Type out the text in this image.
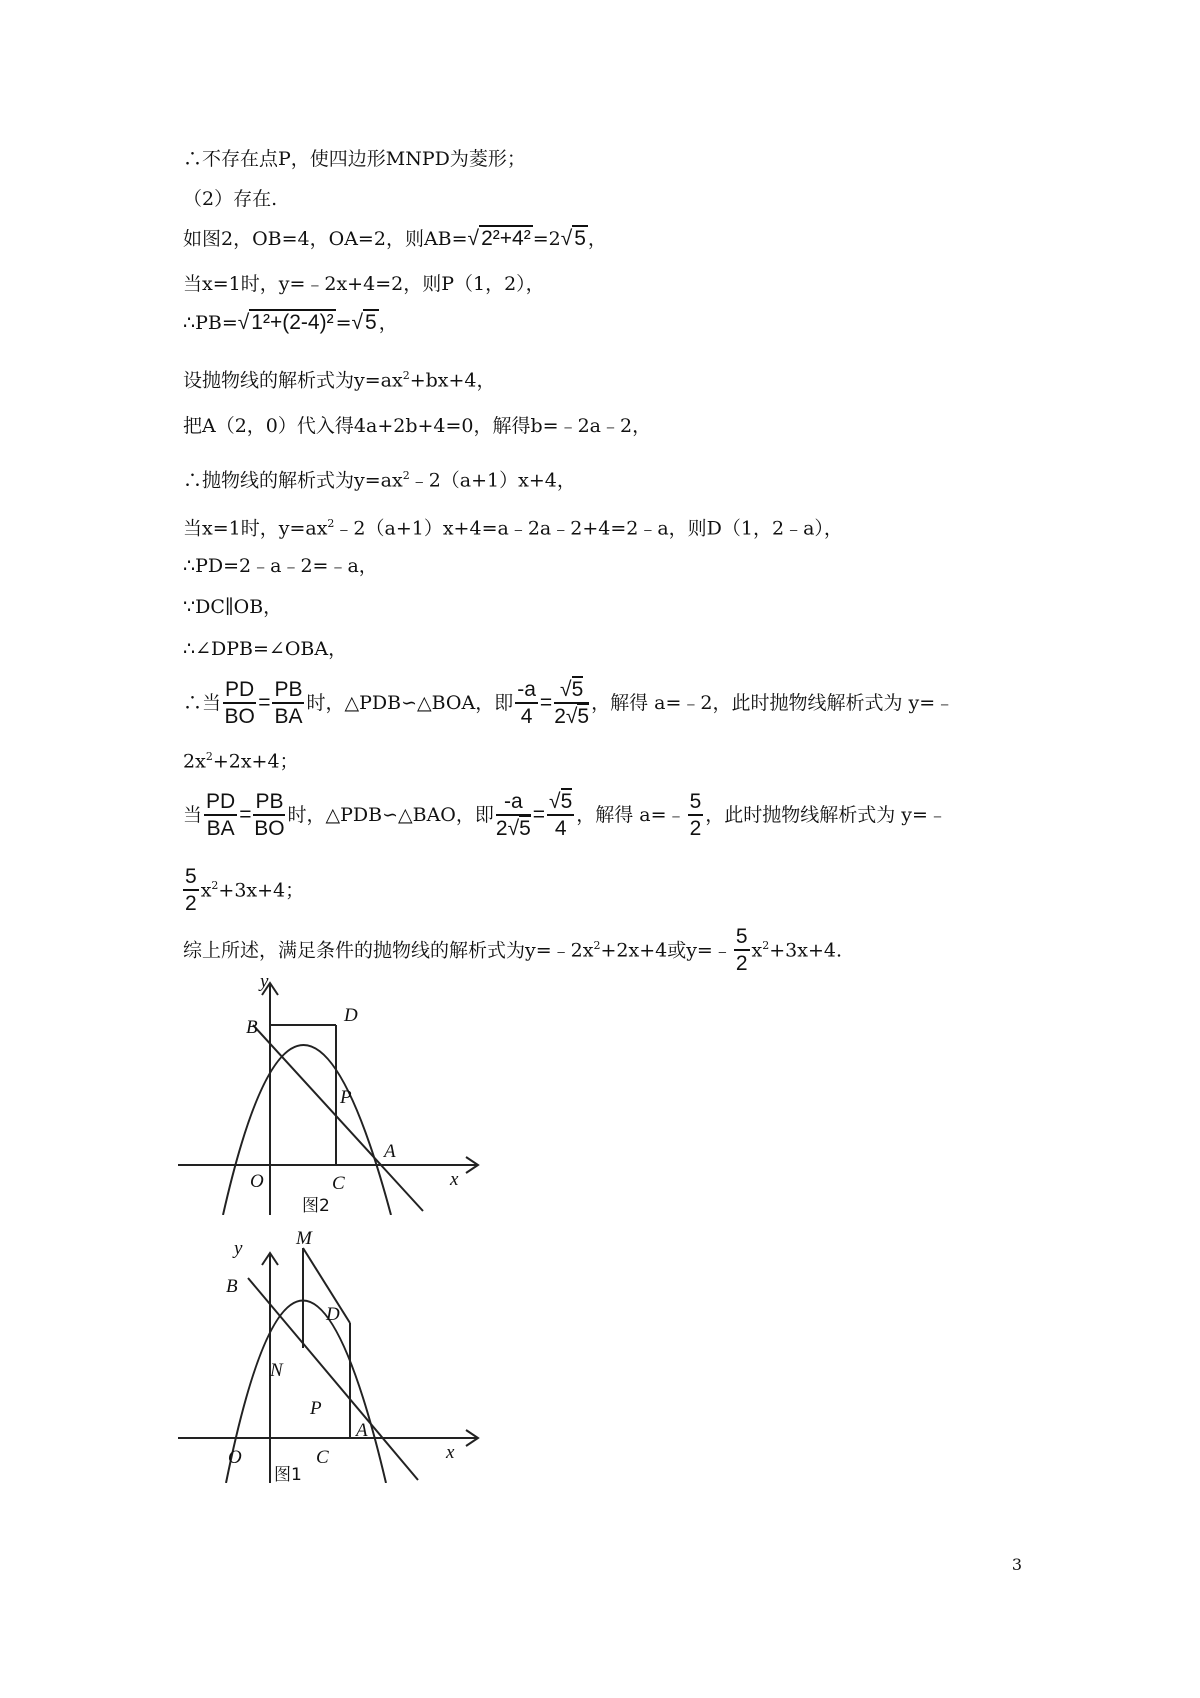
∴不存在点P，使四边形MNPD为菱形；
（2）存在.
如图2，OB=4，OA=2，则AB=√2²+4² =2√5 ，
当x=1时，y=﹣2x+4=2，则P（1，2），
∴PB=√1²+(2-4)² =√5 ，
设抛物线的解析式为$y=ax^2+bx+4$，
把A（2，0）代入得4a+2b+4=0，解得b=﹣2a﹣2，
∴抛物线的解析式为$y=ax^2﹣2(a+1)x+4$，
当x=1时，$y=ax^2﹣2(a+1)x+4=a﹣2a﹣2+4=2﹣a$，则D（1，2﹣a），
∴PD=2﹣a﹣2=﹣a，
∵DC∥OB，
∴∠DPB=∠OBA，
∴当 $\frac{PD}{BO} = \frac{PB}{BA}$ 时，△PDB∽△BOA，即 $\frac{-a}{4} = \frac{√5}{2√5}$ ，解得 a=﹣2，此时抛物线解析式为 y=﹣
$2x^2+2x+4$；
当 $\frac{PD}{BA} = \frac{PB}{BO}$ 时，△PDB∽△BAO，即 $\frac{-a}{2√5} = \frac{√5}{4}$ ，解得 a=﹣ $\frac{5}{2}$ ，此时抛物线解析式为 y=﹣
$\frac{5}{2} x^2+3x+4$；
综上所述，满足条件的抛物线的解析式为$y=﹣2x^2+2x+4$或y=﹣ $\frac{5}{2} x^2+3x+4$.
y
x
B
D
P
A
O	C
图2
y	M
x
B
D
N
P
A
O	C
图1
3
